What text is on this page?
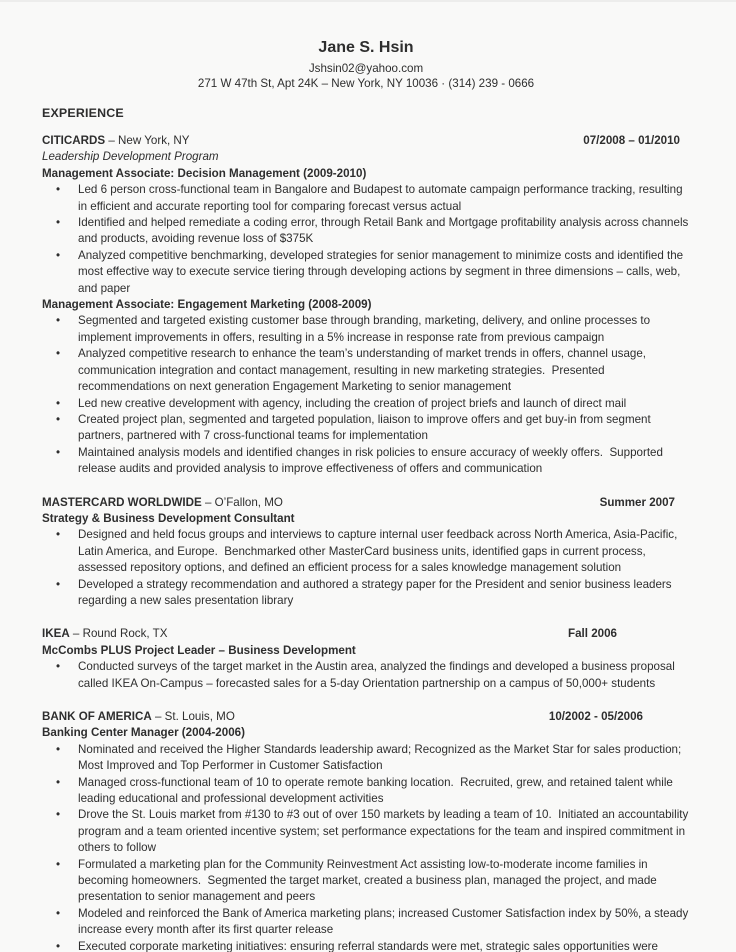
Jane S. Hsin
Jshsin02@yahoo.com
271 W 47th St, Apt 24K – New York, NY 10036 · (314) 239 - 0666
EXPERIENCE
CITICARDS – New York, NY	07/2008 – 01/2010
Leadership Development Program
Management Associate: Decision Management (2009-2010)
• Led 6 person cross-functional team in Bangalore and Budapest to automate campaign performance tracking, resulting in efficient and accurate reporting tool for comparing forecast versus actual
• Identified and helped remediate a coding error, through Retail Bank and Mortgage profitability analysis across channels and products, avoiding revenue loss of $375K
• Analyzed competitive benchmarking, developed strategies for senior management to minimize costs and identified the most effective way to execute service tiering through developing actions by segment in three dimensions – calls, web, and paper
Management Associate: Engagement Marketing (2008-2009)
• Segmented and targeted existing customer base through branding, marketing, delivery, and online processes to implement improvements in offers, resulting in a 5% increase in response rate from previous campaign
• Analyzed competitive research to enhance the team’s understanding of market trends in offers, channel usage, communication integration and contact management, resulting in new marketing strategies.  Presented recommendations on next generation Engagement Marketing to senior management
• Led new creative development with agency, including the creation of project briefs and launch of direct mail
• Created project plan, segmented and targeted population, liaison to improve offers and get buy-in from segment partners, partnered with 7 cross-functional teams for implementation
• Maintained analysis models and identified changes in risk policies to ensure accuracy of weekly offers.  Supported release audits and provided analysis to improve effectiveness of offers and communication
MASTERCARD WORLDWIDE – O’Fallon, MO	Summer 2007
Strategy & Business Development Consultant
• Designed and held focus groups and interviews to capture internal user feedback across North America, Asia-Pacific, Latin America, and Europe.  Benchmarked other MasterCard business units, identified gaps in current process, assessed repository options, and defined an efficient process for a sales knowledge management solution
• Developed a strategy recommendation and authored a strategy paper for the President and senior business leaders regarding a new sales presentation library
IKEA – Round Rock, TX	Fall 2006
McCombs PLUS Project Leader – Business Development
• Conducted surveys of the target market in the Austin area, analyzed the findings and developed a business proposal called IKEA On-Campus – forecasted sales for a 5-day Orientation partnership on a campus of 50,000+ students
BANK OF AMERICA – St. Louis, MO	10/2002 - 05/2006
Banking Center Manager (2004-2006)
• Nominated and received the Higher Standards leadership award; Recognized as the Market Star for sales production; Most Improved and Top Performer in Customer Satisfaction
• Managed cross-functional team of 10 to operate remote banking location.  Recruited, grew, and retained talent while leading educational and professional development activities
• Drove the St. Louis market from #130 to #3 out of over 150 markets by leading a team of 10.  Initiated an accountability program and a team oriented incentive system; set performance expectations for the team and inspired commitment in others to follow
• Formulated a marketing plan for the Community Reinvestment Act assisting low-to-moderate income families in becoming homeowners.  Segmented the target market, created a business plan, managed the project, and made presentation to senior management and peers
• Modeled and reinforced the Bank of America marketing plans; increased Customer Satisfaction index by 50%, a steady increase every month after its first quarter release
• Executed corporate marketing initiatives: ensuring referral standards were met, strategic sales opportunities were
